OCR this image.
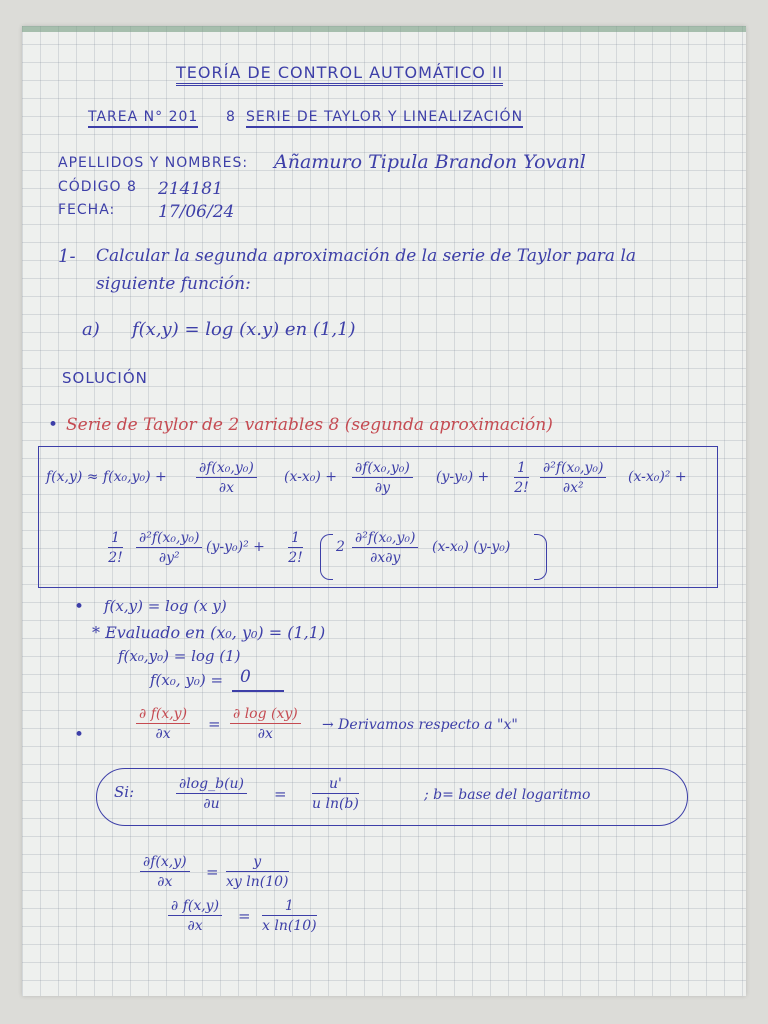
TEORÍA DE CONTROL AUTOMÁTICO II
TAREA N° 201 8 SERIE DE TAYLOR Y LINEALIZACIÓN
APELLIDOS Y NOMBRES: Añamuro Tipula Brandon Yovanl
CÓDIGO 8 214181
FECHA:	17/06/24
1- Calcular la segunda aproximación de la serie de Taylor para la
siguiente función:
a) f(x,y) = log (x.y) en (1,1)
SOLUCIÓN
• Serie de Taylor de 2 variables 8 (segunda aproximación)
$f(x,y) \approx f(x_0,y_0) + \frac{\text{∂f(x₀,y₀)}}{\partial x} (x-x_0) + \frac{\text{∂f(x₀,y₀)}}{\partial y} (y-y_0) + \frac{1}{2!} \frac{\text{∂²f(x₀,y₀)}}{\text{∂x²}} (x-x_0)^2$ +
$\frac{1}{2!} \frac{\text{∂²f(x₀,y₀)}}{\text{∂y²}} (y-y_0)^2 + \frac{1}{2!} 2 \frac{\text{∂²f(x₀,y₀)}}{\partial x\partial y} (x-x_0)$ (y-y₀)
• f(x,y) = log (x y)
* Evaluado en (x₀, y₀) = (1,1)
f(x₀,y₀) = log (1)
f(x₀, y₀) = 0
•	$\frac{\partial f(x,y)}{\partial x} = \frac{\partial \log (xy)}{\partial x}$ → Derivamos respecto a "x"
Si:	$\frac{\partial\log\_b(u)}{\partial u} = \frac{u'}{\text{u ln(b)}}$	; b= base del logaritmo
$\frac{\partial f(x,y)}{\partial x} = \frac{y}{\text{xy ln(10)}}$
$\frac{\partial f(x,y)}{\partial x} = \frac{1}{\text{x ln(10)}}$
